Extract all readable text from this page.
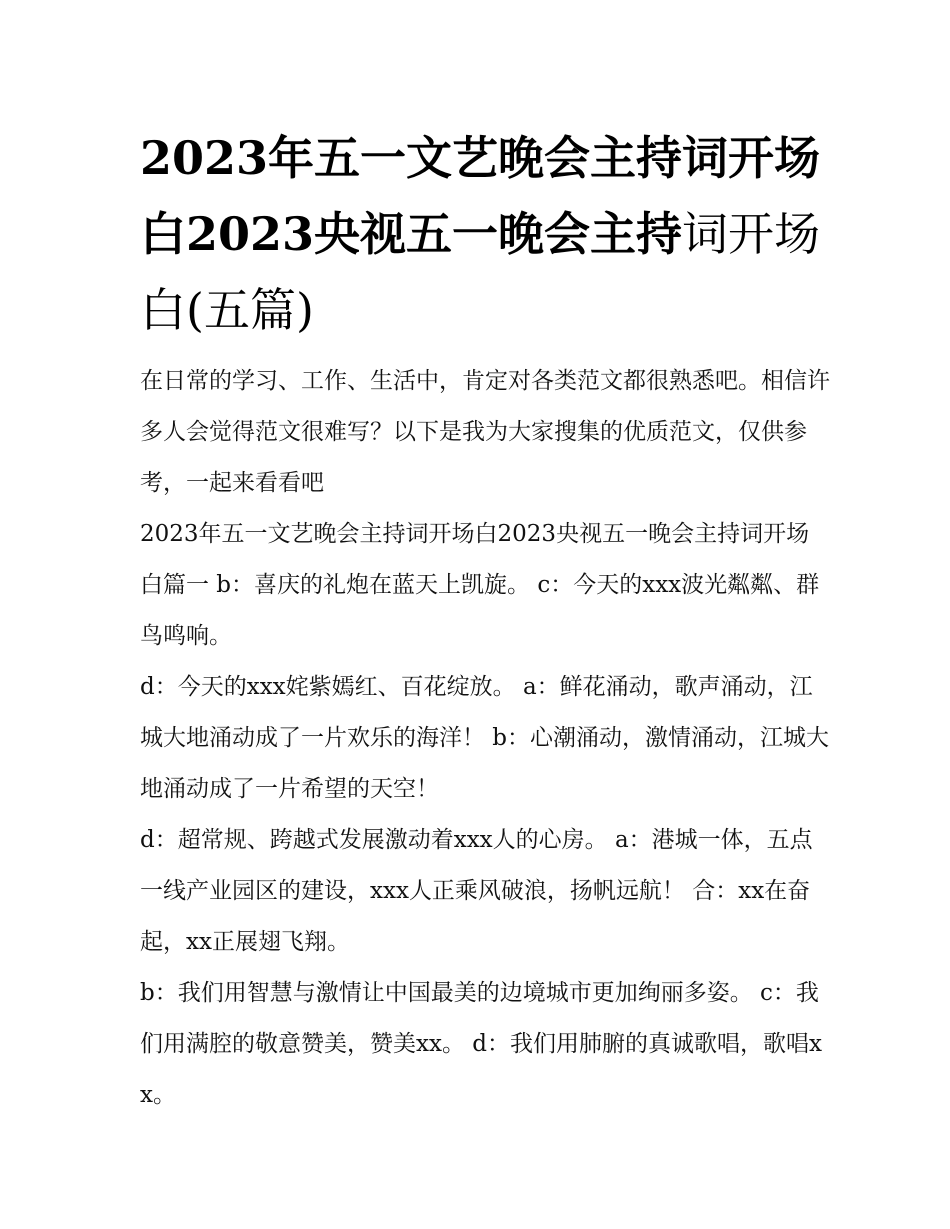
2023年五一文艺晚会主持词开场白2023央视五一晚会主持词开场白(五篇)

在日常的学习、工作、生活中，肯定对各类范文都很熟悉吧。相信许多人会觉得范文很难写？以下是我为大家搜集的优质范文，仅供参考，一起来看看吧

2023年五一文艺晚会主持词开场白2023央视五一晚会主持词开场白篇一 b：喜庆的礼炮在蓝天上凯旋。 c：今天的xxx波光粼粼、群鸟鸣响。

d：今天的xxx姹紫嫣红、百花绽放。 a：鲜花涌动，歌声涌动，江城大地涌动成了一片欢乐的海洋！ b：心潮涌动，激情涌动，江城大地涌动成了一片希望的天空！

d：超常规、跨越式发展激动着xxx人的心房。 a：港城一体，五点一线产业园区的建设，xxx人正乘风破浪，扬帆远航！ 合：xx在奋起，xx正展翅飞翔。

b：我们用智慧与激情让中国最美的边境城市更加绚丽多姿。 c：我们用满腔的敬意赞美，赞美xx。 d：我们用肺腑的真诚歌唱，歌唱xx。
